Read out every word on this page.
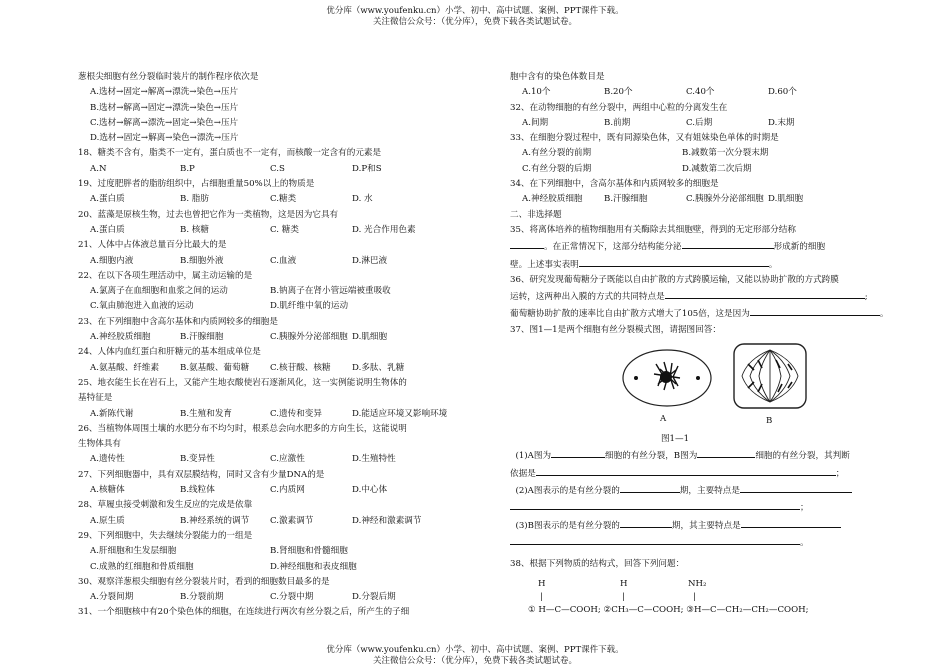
优分库（www.youfenku.cn）小学、初中、高中试题、案例、PPT课件下载。
关注微信公众号：（优分库），免费下载各类试题试卷。
葱根尖细胞有丝分裂临时装片的制作程序依次是
A.选材→固定→解离→漂洗→染色→压片
B.选材→解离→固定→漂洗→染色→压片
C.选材→解离→漂洗→固定→染色→压片
D.选材→固定→解离→染色→漂洗→压片
18、糖类不含有，脂类不一定有，蛋白质也不一定有，而核酸一定含有的元素是
A.N	B.P	C.S	D.P和S
19、过度肥胖者的脂肪组织中，占细胞重量50%以上的物质是
A.蛋白质	B. 脂肪	C.糖类	D. 水
20、蓝藻是原核生物，过去也曾把它作为一类植物，这是因为它具有
A.蛋白质	B. 核糖	C. 糖类	D. 光合作用色素
21、人体中占体液总量百分比最大的是
A.细胞内液	B.细胞外液	C.血液	D.淋巴液
22、在以下各项生理活动中，属主动运输的是
A.氯离子在血细胞和血浆之间的运动	B.钠离子在肾小管远端被重吸收
C.氧由肺泡进入血液的运动	D.肌纤维中氧的运动
23、在下列细胞中含高尔基体和内质网较多的细胞是
A.神经胶质细胞	B.汗腺细胞	C.胰腺外分泌部细胞 D.肌细胞
24、人体内血红蛋白和肝糖元的基本组成单位是
A.氨基酸、纤维素 B.氨基酸、葡萄糖 C.核苷酸、核糖 D.多肽、乳糖
25、地衣能生长在岩石上，又能产生地衣酸使岩石逐渐风化，这一实例能说明生物体的
基特征是
A.新陈代谢	B.生殖和发育	C.遗传和变异	D.能适应环境又影响环境
26、当植物体周围土壤的水肥分布不均匀时，根系总会向水肥多的方向生长，这能说明
生物体具有
A.遗传性	B.变异性	C.应激性	D.生殖特性
27、下列细胞器中，具有双层膜结构，同时又含有少量DNA的是
A.核糖体	B.线粒体	C.内质网	D.中心体
28、草履虫接受刺激和发生反应的完成是依靠
A.原生质	B.神经系统的调节 C.激素调节	D.神经和激素调节
29、下列细胞中，失去继续分裂能力的一组是
A.肝细胞和生发层细胞	B.肾细胞和骨髓细胞
C.成熟的红细胞和骨质细胞	D.神经细胞和表皮细胞
30、观察洋葱根尖细胞有丝分裂装片时，看到的细胞数目最多的是
A.分裂间期	B.分裂前期	C.分裂中期	D.分裂后期
31、一个细胞核中有20个染色体的细胞，在连续进行两次有丝分裂之后，所产生的子细
胞中含有的染色体数目是
A.10个	B.20个	C.40个	D.60个
32、在动物细胞的有丝分裂中，两组中心粒的分离发生在
A.间期	B.前期	C.后期	D.末期
33、在细胞分裂过程中，既有同源染色体，又有姐妹染色单体的时期是
A.有丝分裂的前期	B.减数第一次分裂末期
C.有丝分裂的后期	D.减数第二次后期
34、在下列细胞中，含高尔基体和内质网较多的细胞是
A.神经胶质细胞 B.汗腺细胞	C.胰腺外分泌部细胞 D.肌细胞
二、非选择题
35、将离体培养的植物细胞用有关酶除去其细胞壁，得到的无定形部分结称
。在正常情况下，这部分结构能分泌	形成新的细胞
壁。上述事实表明	。
36、研究发现葡萄糖分子既能以自由扩散的方式跨膜运输，又能以协助扩散的方式跨膜
运转，这两种出入膜的方式的共同特点是	;
葡萄糖协助扩散的速率比自由扩散方式增大了105倍，这是因为	。
37、图1—1是两个细胞有丝分裂模式图，请据图回答：
A	B
图1—1
(1)A图为	细胞的有丝分裂，B图为	细胞的有丝分裂，其判断
依据是	；
(2)A图表示的是有丝分裂的	期，主要特点是
；
(3)B图表示的是有丝分裂的	期，其主要特点是
。
38、根据下列物质的结构式，回答下列问题：
H	H	NH₂
|	|	|
① H—C—COOH; ②CH₃—C—COOH; ③H—C—CH₂—CH₂—COOH;
优分库（www.youfenku.cn）小学、初中、高中试题、案例、PPT课件下载。
关注微信公众号：（优分库），免费下载各类试题试卷。
